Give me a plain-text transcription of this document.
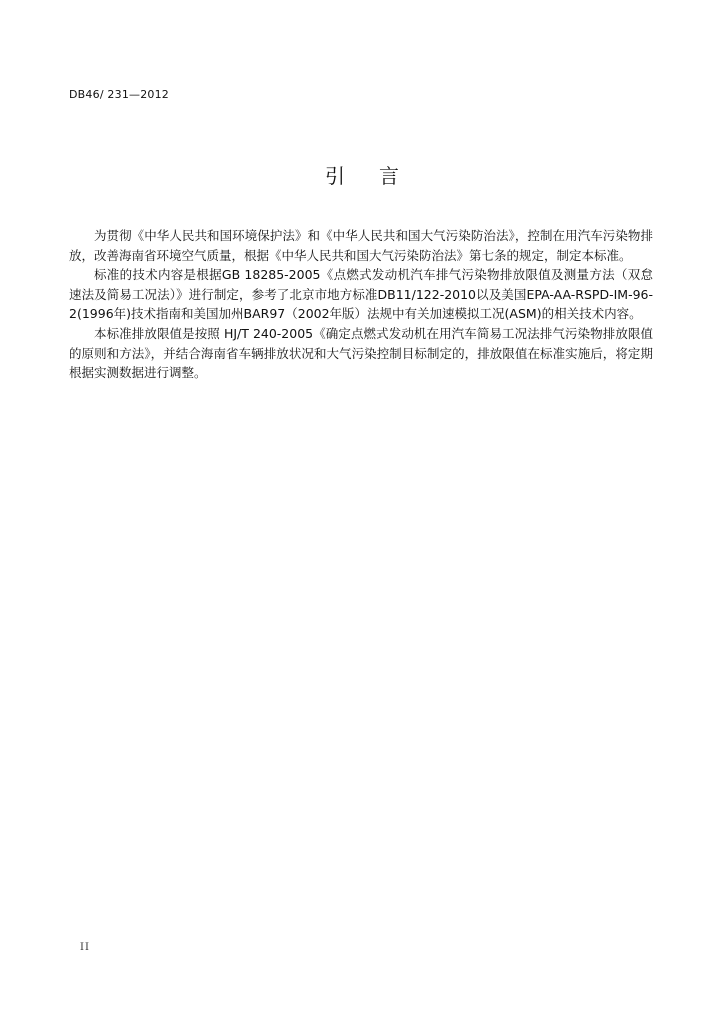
DB46/ 231—2012
引言

为贯彻《中华人民共和国环境保护法》和《中华人民共和国大气污染防治法》，控制在用汽车污染物排放，改善海南省环境空气质量，根据《中华人民共和国大气污染防治法》第七条的规定，制定本标准。

标准的技术内容是根据GB 18285-2005《点燃式发动机汽车排气污染物排放限值及测量方法（双怠速法及简易工况法）》进行制定，参考了北京市地方标准DB11/122-2010以及美国EPA-AA-RSPD-IM-96-2(1996年)技术指南和美国加州BAR97（2002年版）法规中有关加速模拟工况(ASM)的相关技术内容。

本标准排放限值是按照 HJ/T 240-2005《确定点燃式发动机在用汽车简易工况法排气污染物排放限值的原则和方法》，并结合海南省车辆排放状况和大气污染控制目标制定的，排放限值在标准实施后，将定期根据实测数据进行调整。

II
